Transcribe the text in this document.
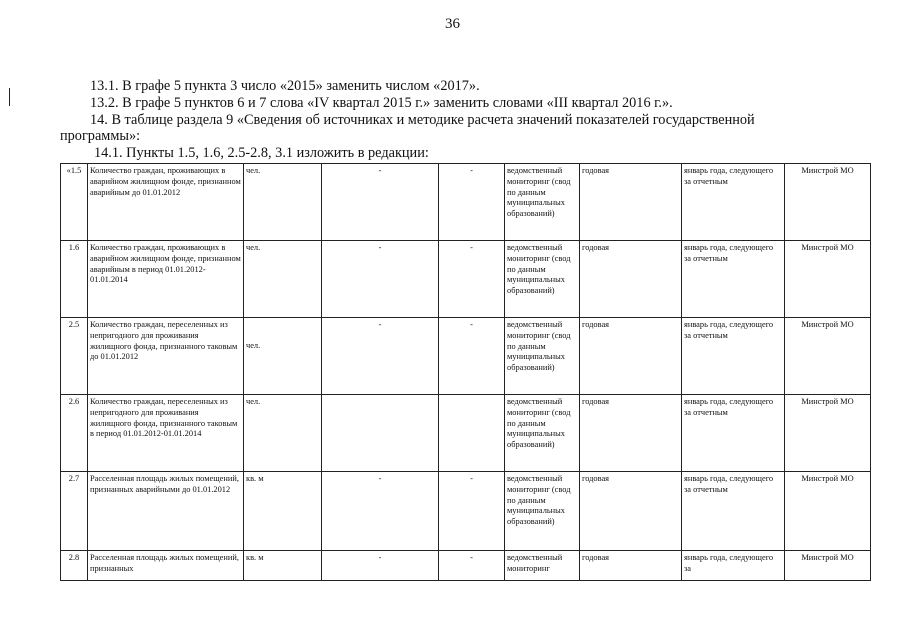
36
13.1. В графе 5 пункта 3 число «2015» заменить числом «2017».
13.2. В графе 5 пунктов 6 и 7 слова «IV квартал 2015 г.» заменить словами «III квартал 2016 г.».
14. В таблице раздела 9 «Сведения об источниках и методике расчета значений показателей государственной
программы»:
14.1. Пункты 1.5, 1.6, 2.5-2.8, 3.1 изложить в редакции:
«1.5	Количество граждан, проживающих в аварийном жилищном фонде, признанном аварийным до 01.01.2012	чел.	-	-	ведомственный мониторинг (свод по данным муниципальных образований)	годовая	январь года, следующего за отчетным	Минстрой МО
1.6	Количество граждан, проживающих в аварийном жилищном фонде, признанном аварийным в период 01.01.2012-01.01.2014	чел.	-	-	ведомственный мониторинг (свод по данным муниципальных образований)	годовая	январь года, следующего за отчетным	Минстрой МО
2.5	Количество граждан, переселенных из непригодного для проживания жилищного фонда, признанного таковым до 01.01.2012	чел.	-	-	ведомственный мониторинг (свод по данным муниципальных образований)	годовая	январь года, следующего за отчетным	Минстрой МО
2.6	Количество граждан, переселенных из непригодного для проживания жилищного фонда, признанного таковым в период 01.01.2012-01.01.2014	чел.			ведомственный мониторинг (свод по данным муниципальных образований)	годовая	январь года, следующего за отчетным	Минстрой МО
2.7	Расселенная площадь жилых помещений, признанных аварийными до 01.01.2012	кв. м	-	-	ведомственный мониторинг (свод по данным муниципальных образований)	годовая	январь года, следующего за отчетным	Минстрой МО
2.8	Расселенная площадь жилых помещений, признанных	кв. м	-	-	ведомственный мониторинг	годовая	январь года, следующего за	Минстрой МО
